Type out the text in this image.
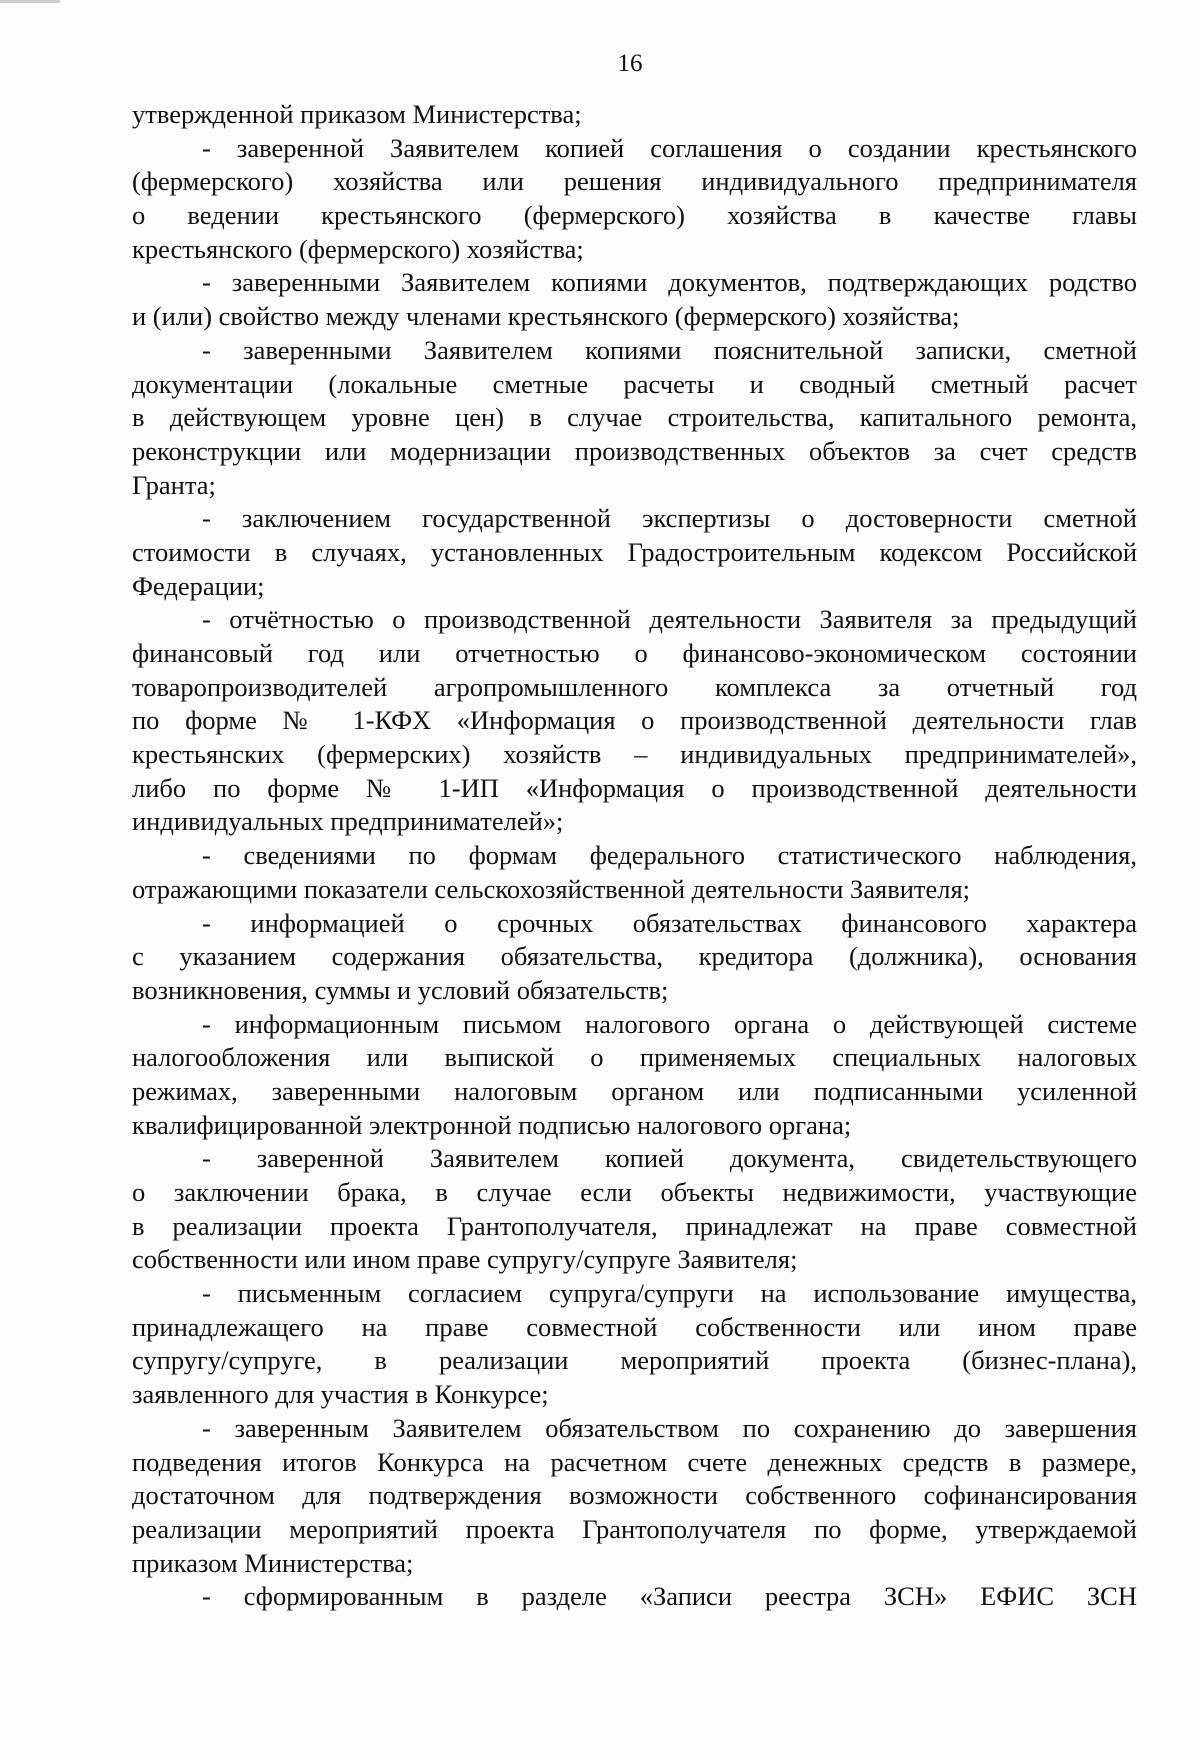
16
утвержденной приказом Министерства;
- заверенной Заявителем копией соглашения о создании крестьянского
(фермерского) хозяйства или решения индивидуального предпринимателя
о ведении крестьянского (фермерского) хозяйства в качестве главы
крестьянского (фермерского) хозяйства;
- заверенными Заявителем копиями документов, подтверждающих родство
и (или) свойство между членами крестьянского (фермерского) хозяйства;
- заверенными Заявителем копиями пояснительной записки, сметной
документации (локальные сметные расчеты и сводный сметный расчет
в действующем уровне цен) в случае строительства, капитального ремонта,
реконструкции или модернизации производственных объектов за счет средств
Гранта;
- заключением государственной экспертизы о достоверности сметной
стоимости в случаях, установленных Градостроительным кодексом Российской
Федерации;
- отчётностью о производственной деятельности Заявителя за предыдущий
финансовый год или отчетностью о финансово-экономическом состоянии
товаропроизводителей агропромышленного комплекса за отчетный год
по форме № 1-КФХ «Информация о производственной деятельности глав
крестьянских (фермерских) хозяйств – индивидуальных предпринимателей»,
либо по форме № 1-ИП «Информация о производственной деятельности
индивидуальных предпринимателей»;
- сведениями по формам федерального статистического наблюдения,
отражающими показатели сельскохозяйственной деятельности Заявителя;
- информацией о срочных обязательствах финансового характера
с указанием содержания обязательства, кредитора (должника), основания
возникновения, суммы и условий обязательств;
- информационным письмом налогового органа о действующей системе
налогообложения или выпиской о применяемых специальных налоговых
режимах, заверенными налоговым органом или подписанными усиленной
квалифицированной электронной подписью налогового органа;
- заверенной Заявителем копией документа, свидетельствующего
о заключении брака, в случае если объекты недвижимости, участвующие
в реализации проекта Грантополучателя, принадлежат на праве совместной
собственности или ином праве супругу/супруге Заявителя;
- письменным согласием супруга/супруги на использование имущества,
принадлежащего на праве совместной собственности или ином праве
супругу/супруге, в реализации мероприятий проекта (бизнес-плана),
заявленного для участия в Конкурсе;
- заверенным Заявителем обязательством по сохранению до завершения
подведения итогов Конкурса на расчетном счете денежных средств в размере,
достаточном для подтверждения возможности собственного софинансирования
реализации мероприятий проекта Грантополучателя по форме, утверждаемой
приказом Министерства;
- сформированным в разделе «Записи реестра ЗСН» ЕФИС ЗСН
